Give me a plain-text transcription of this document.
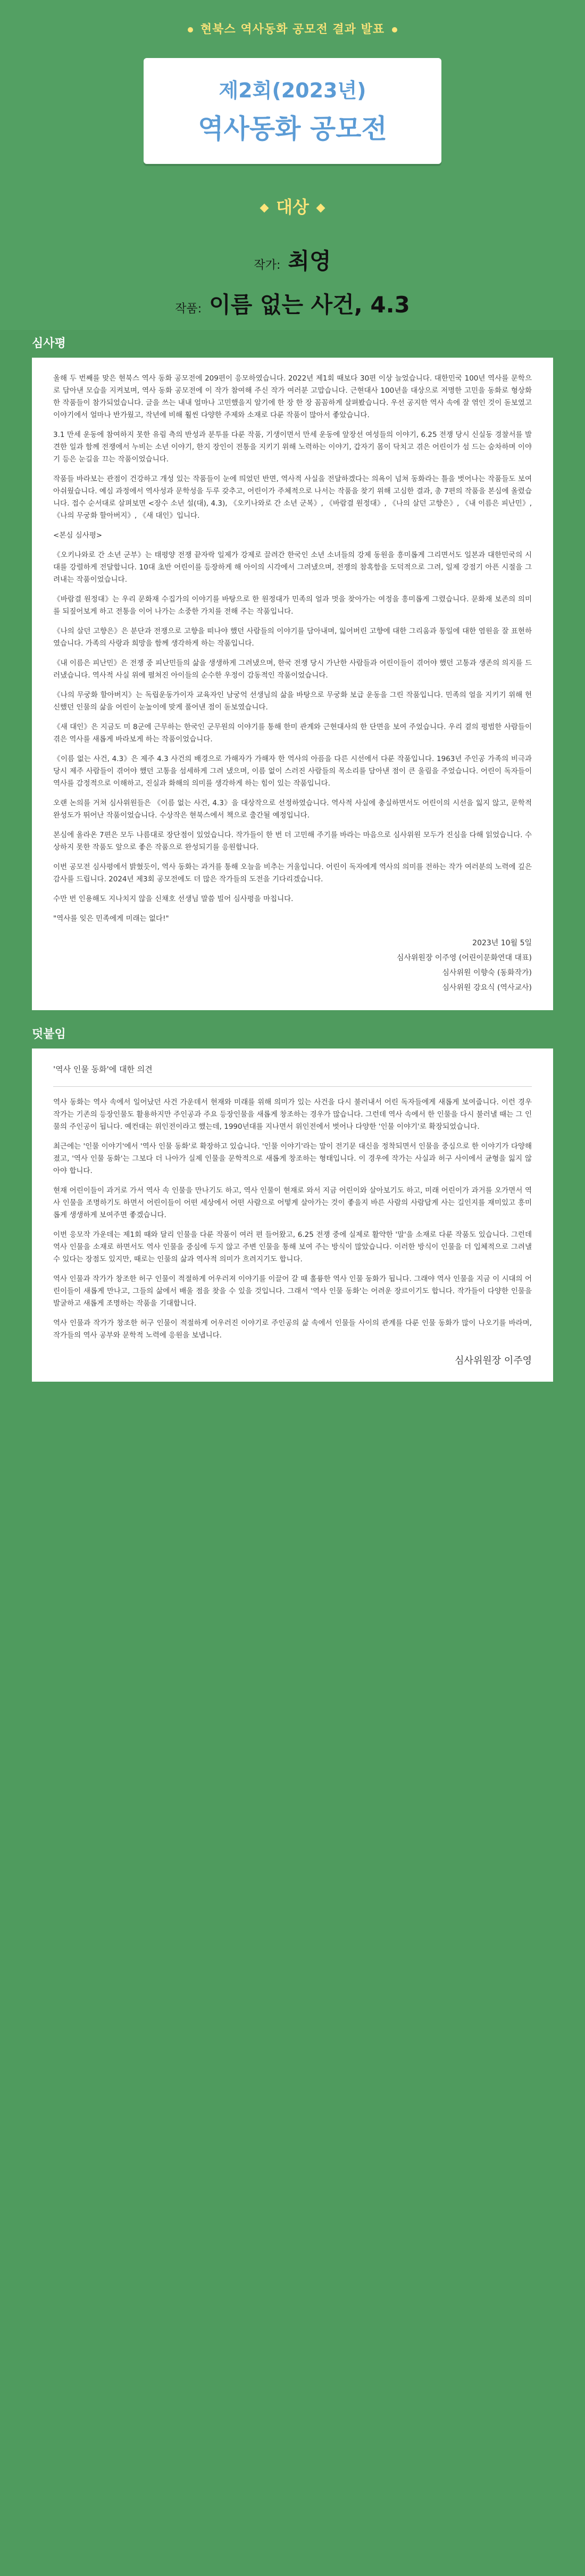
현북스 역사동화 공모전 결과 발표
제2회(2023년)
역사동화 공모전
대상
작가: 최영
작품: 이름 없는 사건, 4.3
심사평

올해 두 번째를 맞은 현북스 역사 동화 공모전에 209편이 응모하였습니다. 2022년 제1회 때보다 30편 이상 늘었습니다. 대한민국 100년 역사를 문학으로 담아낸 모습을 지켜보며, 역사 동화 공모전에 이 작가 참여해 주신 작가 여러분 고맙습니다. 근현대사 100년을 대상으로 저명한 고민을 동화로 형상화한 작품들이 참가되었습니다. 글을 쓰는 내내 얼마나 고민했을지 알기에 한 장 한 장 꼼꼼하게 살펴봤습니다. 우선 공지한 역사 속에 잘 엮인 것이 돋보였고 이야기에서 얼마나 반가웠고, 작년에 비해 훨씬 다양한 주제와 소재로 다룬 작품이 많아서 좋았습니다.

3.1 만세 운동에 참여하지 못한 유림 측의 반성과 분투를 다룬 작품, 기생이면서 만세 운동에 앞장선 여성들의 이야기, 6.25 전쟁 당시 신실동 경찰서를 발견한 일과 함께 전쟁에서 누비는 소년 이야기, 한지 장인이 전통을 지키기 위해 노력하는 이야기, 갑자기 몸이 닥치고 겪은 어린이가 섬 드는 숨차하며 이야기 등은 눈길을 끄는 작품이었습니다.

작품들 바라보는 관점이 건강하고 개성 있는 작품들이 눈에 띄었던 반면, 역사적 사실을 전달하겠다는 의욕이 넘쳐 동화라는 틀을 벗어나는 작품들도 보여 아쉬웠습니다. 예심 과정에서 역사성과 문학성을 두루 갖추고, 어린이가 주체적으로 나서는 작품을 찾기 위해 고심한 결과, 총 7편의 작품을 본심에 올렸습니다. 접수 순서대로 살펴보면 <장수 소년 설(대), 4.3), 《오키나와로 간 소년 군복》, 《바람결 원정대》, 《나의 살던 고향은》, 《내 이름은 피난민》, 《나의 무궁화 할아버지》, 《새 대인》입니다.

<본심 심사평>

《오키나와로 간 소년 군부》는 태평양 전쟁 끝자락 일제가 강제로 끌려간 한국인 소년 소녀들의 강제 동원을 흥미롭게 그리면서도 일본과 대한민국의 시대를 강렬하게 전달합니다. 10대 초반 어린이를 등장하게 해 아이의 시각에서 그려냈으며, 전쟁의 참혹함을 도덕적으로 그려, 일제 강점기 아픈 시절을 그려내는 작품이었습니다.

《바람결 원정대》는 우리 문화재 수집가의 이야기를 바탕으로 한 원정대가 민족의 얼과 멋을 찾아가는 여정을 흥미롭게 그렸습니다. 문화재 보존의 의미를 되짚어보게 하고 전통을 이어 나가는 소중한 가치를 전해 주는 작품입니다.

《나의 살던 고향은》은 분단과 전쟁으로 고향을 떠나야 했던 사람들의 이야기를 담아내며, 잃어버린 고향에 대한 그리움과 통일에 대한 염원을 잘 표현하였습니다. 가족의 사랑과 희망을 함께 생각하게 하는 작품입니다.

《내 이름은 피난민》은 전쟁 중 피난민들의 삶을 생생하게 그려냈으며, 한국 전쟁 당시 가난한 사람들과 어린이들이 겪어야 했던 고통과 생존의 의지를 드러냈습니다. 역사적 사실 위에 펼쳐진 아이들의 순수한 우정이 감동적인 작품이었습니다.

《나의 무궁화 할아버지》는 독립운동가이자 교육자인 남궁억 선생님의 삶을 바탕으로 무궁화 보급 운동을 그린 작품입니다. 민족의 얼을 지키기 위해 헌신했던 인물의 삶을 어린이 눈높이에 맞게 풀어낸 점이 돋보였습니다.

《새 대인》은 지금도 미 8군에 근무하는 한국인 군무원의 이야기를 통해 한미 관계와 근현대사의 한 단면을 보여 주었습니다. 우리 곁의 평범한 사람들이 겪은 역사를 새롭게 바라보게 하는 작품이었습니다.

《이름 없는 사건, 4.3》은 제주 4.3 사건의 배경으로 가해자가 가해자 한 역사의 아픔을 다른 시선에서 다룬 작품입니다. 1963년 주인공 가족의 비극과 당시 제주 사람들이 겪어야 했던 고통을 섬세하게 그려 냈으며, 이름 없이 스러진 사람들의 목소리를 담아낸 점이 큰 울림을 주었습니다. 어린이 독자들이 역사를 감정적으로 이해하고, 진실과 화해의 의미를 생각하게 하는 힘이 있는 작품입니다.

오랜 논의를 거쳐 심사위원들은 《이름 없는 사건, 4.3》을 대상작으로 선정하였습니다. 역사적 사실에 충실하면서도 어린이의 시선을 잃지 않고, 문학적 완성도가 뛰어난 작품이었습니다. 수상작은 현북스에서 책으로 출간될 예정입니다.

본심에 올라온 7편은 모두 나름대로 장단점이 있었습니다. 작가들이 한 번 더 고민해 주기를 바라는 마음으로 심사위원 모두가 진심을 다해 읽었습니다. 수상하지 못한 작품도 앞으로 좋은 작품으로 완성되기를 응원합니다.

이번 공모전 심사평에서 밝혔듯이, 역사 동화는 과거를 통해 오늘을 비추는 거울입니다. 어린이 독자에게 역사의 의미를 전하는 작가 여러분의 노력에 깊은 감사를 드립니다. 2024년 제3회 공모전에도 더 많은 작가들의 도전을 기다리겠습니다.

수만 번 인용해도 지나치지 않을 신채호 선생님 말씀 빌어 심사평을 마칩니다.

"역사를 잊은 민족에게 미래는 없다!"

2023년 10월 5일
심사위원장 이주영 (어린이문화연대 대표)
심사위원 이향숙 (동화작가)
심사위원 강요식 (역사교사)
덧붙임
'역사 인물 동화'에 대한 의견

역사 동화는 역사 속에서 일어났던 사건 가운데서 현재와 미래를 위해 의미가 있는 사건을 다시 불러내서 어린 독자들에게 새롭게 보여줍니다. 이런 경우 작가는 기존의 등장인물도 활용하지만 주인공과 주요 등장인물을 새롭게 창조하는 경우가 많습니다. 그런데 역사 속에서 한 인물을 다시 불러낼 때는 그 인물의 주인공이 됩니다. 예컨대는 위인전이라고 했는데, 1990년대를 지나면서 위인전에서 벗어나 다양한 '인물 이야기'로 확장되었습니다.

최근에는 '인물 이야기'에서 '역사 인물 동화'로 확장하고 있습니다. '인물 이야기'라는 말이 전기문 대신을 정착되면서 인물을 중심으로 한 이야기가 다양해졌고, '역사 인물 동화'는 그보다 더 나아가 실제 인물을 문학적으로 새롭게 창조하는 형태입니다. 이 경우에 작가는 사실과 허구 사이에서 균형을 잃지 않아야 합니다.

현재 어린이들이 과거로 가서 역사 속 인물을 만나기도 하고, 역사 인물이 현재로 와서 지금 어린이와 살아보기도 하고, 미래 어린이가 과거를 오가면서 역사 인물을 조명하기도 하면서 어린이들이 어떤 세상에서 어떤 사람으로 어떻게 살아가는 것이 좋을지 바른 사람의 사람답게 사는 길인지를 재미있고 흥미롭게 생생하게 보여주면 좋겠습니다.

이번 응모작 가운데는 제1회 때와 달리 인물을 다룬 작품이 여러 편 들어왔고, 6.25 전쟁 중에 실제로 활약한 '말'을 소재로 다룬 작품도 있습니다. 그런데 역사 인물을 소재로 하면서도 역사 인물을 중심에 두지 않고 주변 인물을 통해 보여 주는 방식이 많았습니다. 이러한 방식이 인물을 더 입체적으로 그려낼 수 있다는 장점도 있지만, 때로는 인물의 삶과 역사적 의미가 흐려지기도 합니다.

역사 인물과 작가가 창조한 허구 인물이 적절하게 어우러져 이야기를 이끌어 갈 때 훌륭한 역사 인물 동화가 됩니다. 그래야 역사 인물을 지금 이 시대의 어린이들이 새롭게 만나고, 그들의 삶에서 배울 점을 찾을 수 있을 것입니다. 그래서 '역사 인물 동화'는 어려운 장르이기도 합니다. 작가들이 다양한 인물을 발굴하고 새롭게 조명하는 작품을 기대합니다.

역사 인물과 작가가 창조한 허구 인물이 적절하게 어우러진 이야기로 주인공의 삶 속에서 인물들 사이의 관계를 다룬 인물 동화가 많이 나오기를 바라며, 작가들의 역사 공부와 문학적 노력에 응원을 보냅니다.

심사위원장 이주영
